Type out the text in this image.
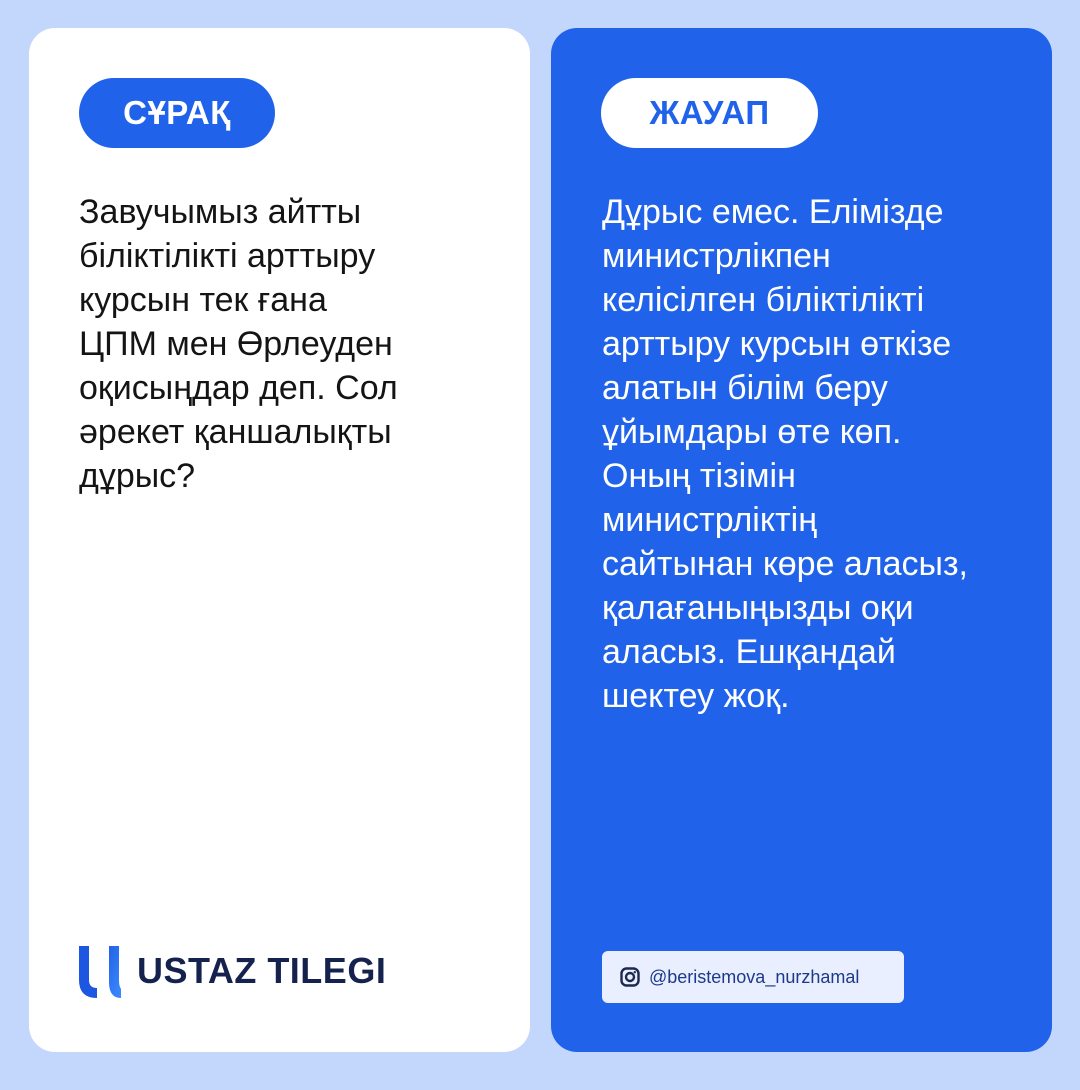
СҰРАҚ

Завучымыз айтты
біліктілікті арттыру
курсын тек ғана
ЦПМ мен Өрлеуден
оқисыңдар деп. Сол
әрекет қаншалықты
дұрыс?

USTAZ TILEGI
ЖАУАП

Дұрыс емес. Елімізде
министрлікпен
келісілген біліктілікті
арттыру курсын өткізе
алатын білім беру
ұйымдары өте көп.
Оның тізімін
министрліктің
сайтынан көре аласыз,
қалағаныңызды оқи
аласыз. Ешқандай
шектеу жоқ.

@beristemova_nurzhamal
